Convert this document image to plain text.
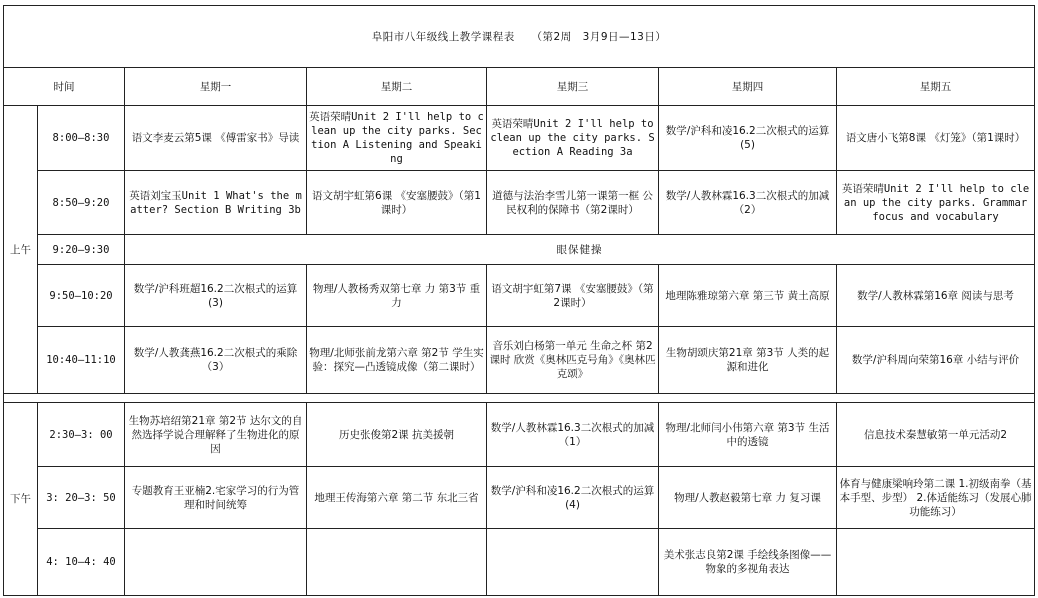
阜阳市八年级线上教学课程表　　（第2周　3月9日—13日）						
时间		星期一	星期二	星期三	星期四	星期五
上午	8:00—8:30	语文李麦云第5课 《傅雷家书》导读	英语荣晴Unit 2 I'll help to clean up the city parks. Section A Listening and Speaking	英语荣晴Unit 2 I'll help to clean up the city parks. Section A Reading 3a	数学/沪科和凌16.2二次根式的运算(5)	语文唐小飞第8课 《灯笼》（第1课时）
	8:50—9:20	英语刘宝玉Unit 1 What's the matter? Section B Writing 3b	语文胡宇虹第6课 《安塞腰鼓》（第1课时）	道德与法治李雪儿第一课第一框 公民权利的保障书（第2课时）	数学/人教林霖16.3二次根式的加减（2）	英语荣晴Unit 2 I'll help to clean up the city parks. Grammar focus and vocabulary
	9:20—9:30	眼保健操				
	9:50—10:20	数学/沪科班超16.2二次根式的运算(3)	物理/人教杨秀双第七章 力 第3节 重力	语文胡宇虹第7课 《安塞腰鼓》（第2课时）	地理陈雅琼第六章 第三节 黄土高原	数学/人教林霖第16章 阅读与思考
	10:40—11:10	数学/人教龚燕16.2二次根式的乘除（3）	物理/北师张前龙第六章 第2节 学生实验：探究—凸透镜成像（第二课时）	音乐刘白杨第一单元 生命之杯 第2课时 欣赏《奥林匹克号角》《奥林匹克颂》	生物胡颂庆第21章 第3节 人类的起源和进化	数学/沪科周向荣第16章 小结与评价

下午	2:30—3: 00	生物苏培绍第21章 第2节 达尔文的自然选择学说合理解释了生物进化的原因	历史张俊第2课 抗美援朝	数学/人教林霖16.3二次根式的加减（1）	物理/北师闫小伟第六章 第3节 生活中的透镜	信息技术秦慧敏第一单元活动2
	3: 20—3: 50	专题教育王亚楠2.宅家学习的行为管理和时间统筹	地理王传海第六章 第二节 东北三省	数学/沪科和凌16.2二次根式的运算(4)	物理/人教赵毅第七章 力 复习课	体育与健康梁响玲第二课 1.初级南拳（基本手型、步型） 2.体适能练习（发展心肺功能练习）
	4: 10—4: 40				美术张志良第2课 手绘线条图像——物象的多视角表达	
